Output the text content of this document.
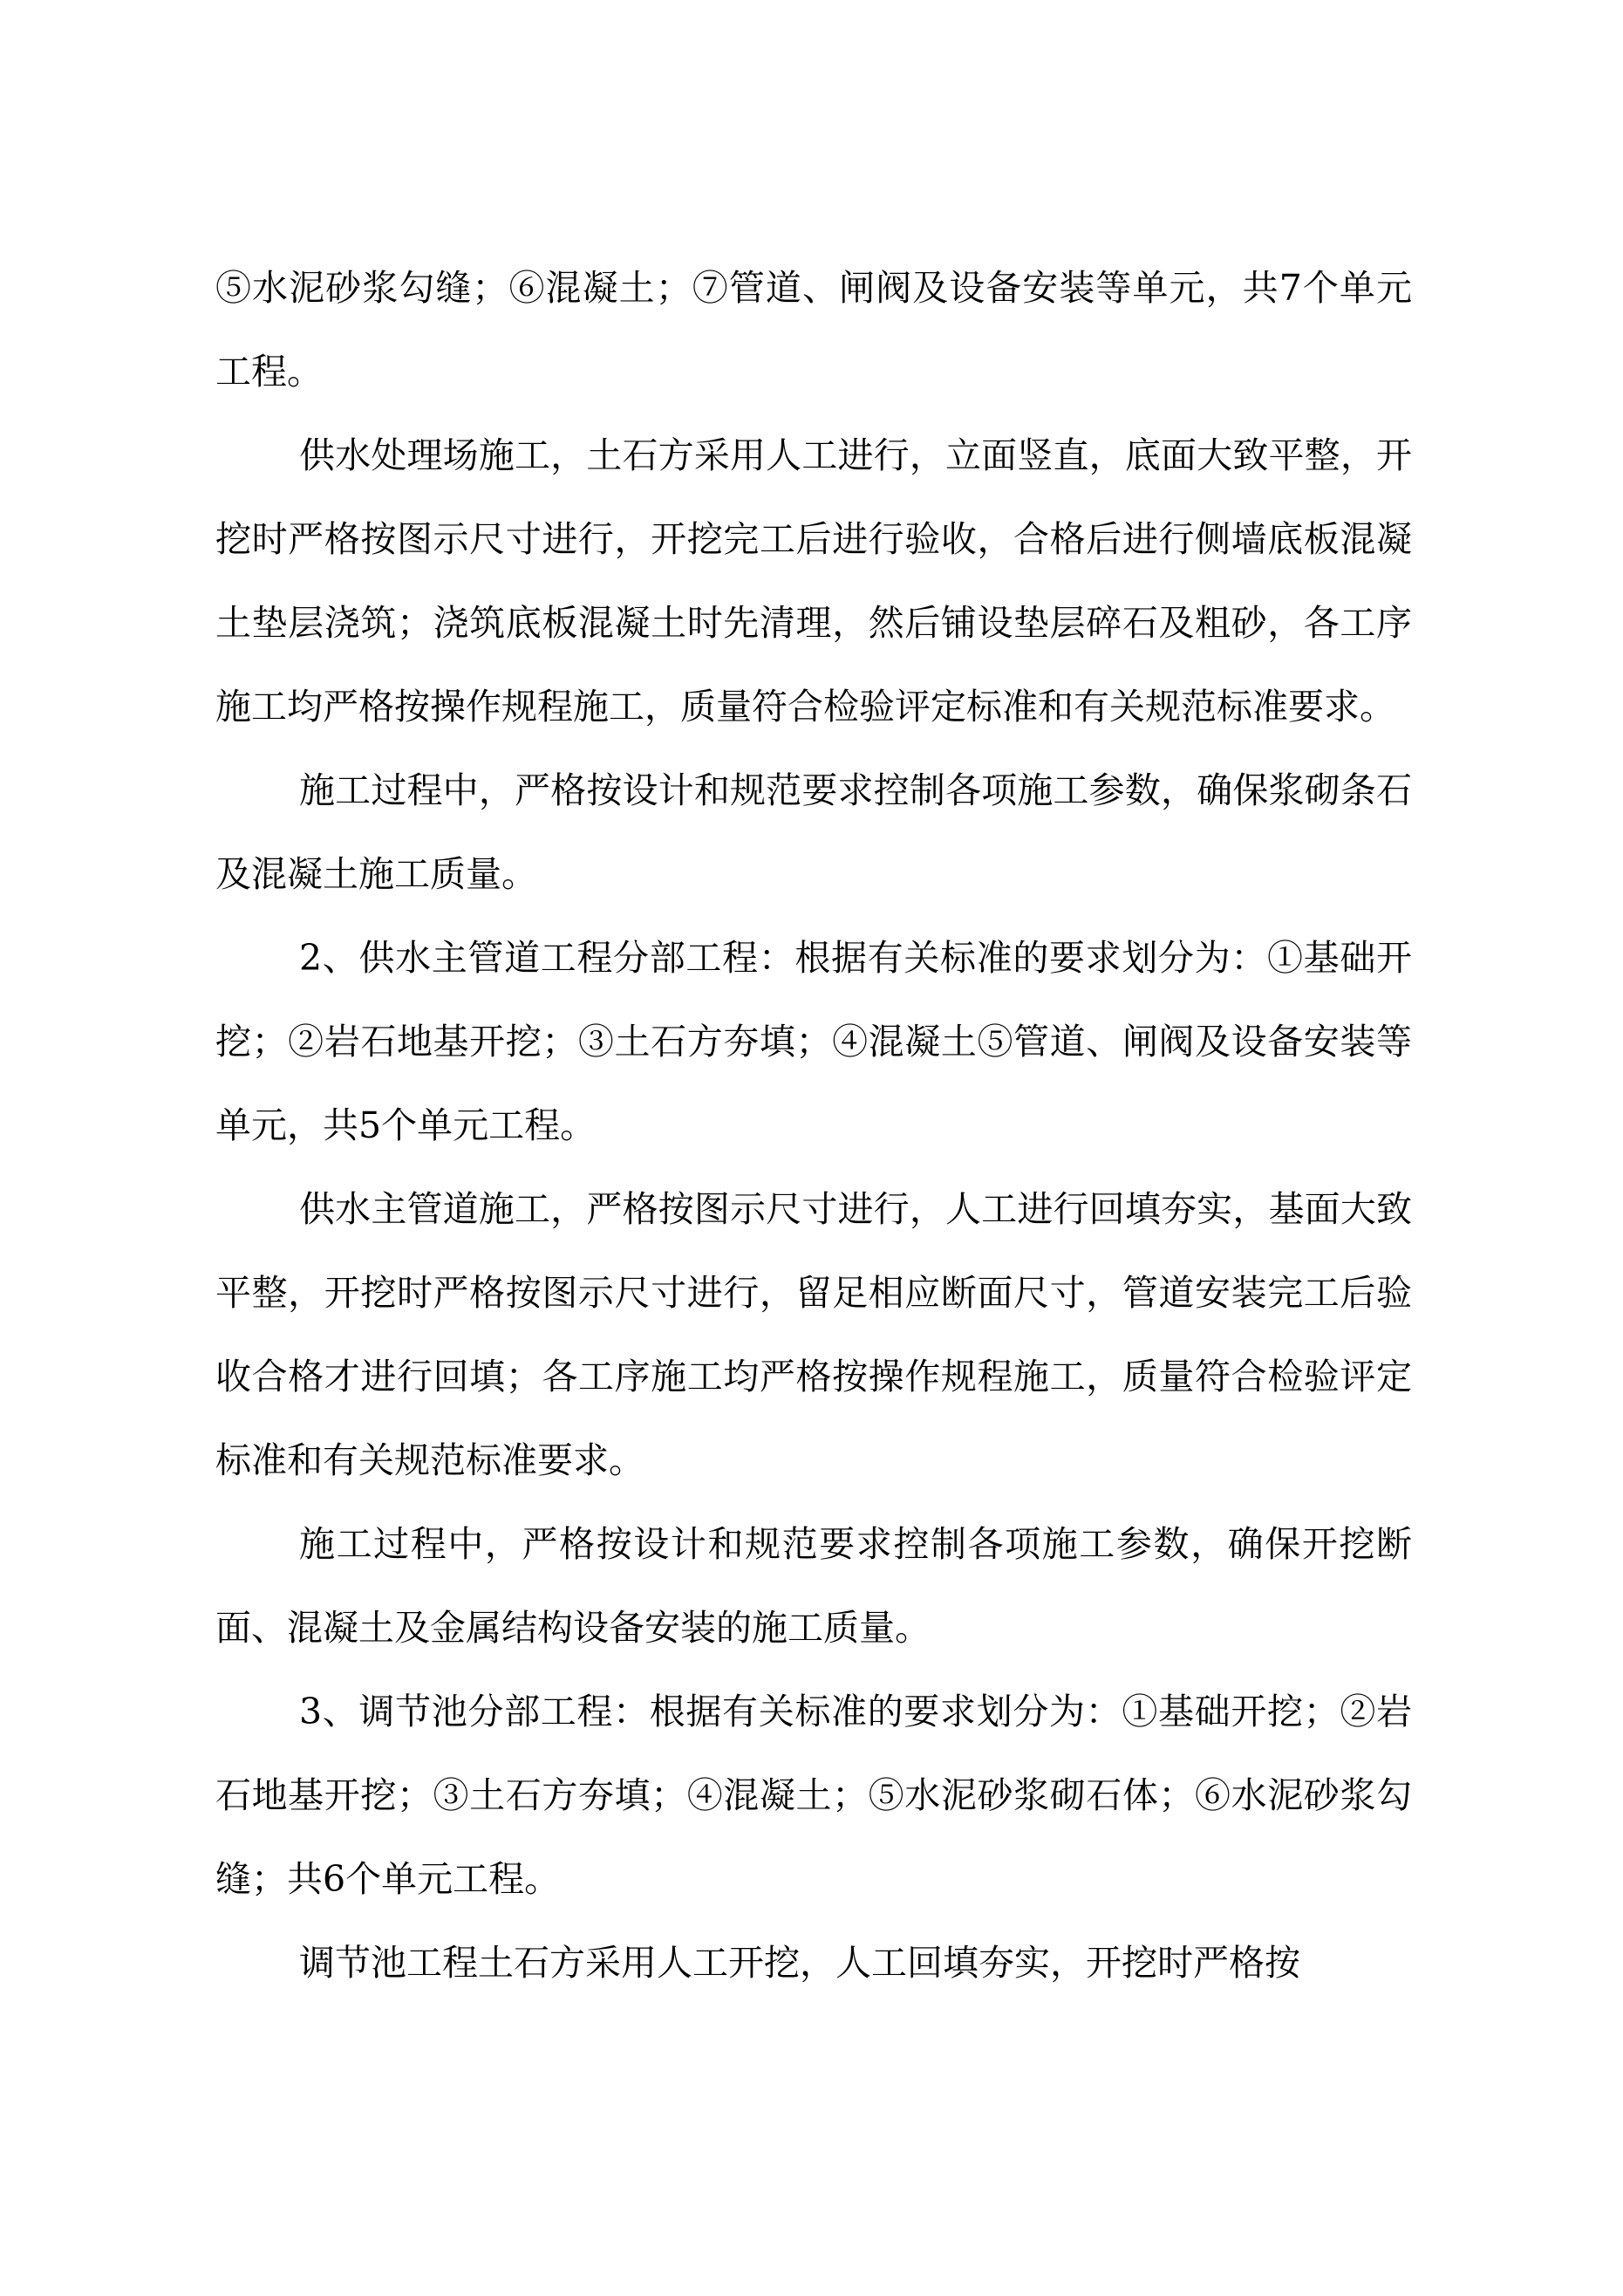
⑤水泥砂浆勾缝；⑥混凝土；⑦管道、闸阀及设备安装等单元，共7个单元工程。

供水处理场施工，土石方采用人工进行，立面竖直，底面大致平整，开挖时严格按图示尺寸进行，开挖完工后进行验收，合格后进行侧墙底板混凝土垫层浇筑；浇筑底板混凝土时先清理，然后铺设垫层碎石及粗砂，各工序施工均严格按操作规程施工，质量符合检验评定标准和有关规范标准要求。

施工过程中，严格按设计和规范要求控制各项施工参数，确保浆砌条石及混凝土施工质量。

2、供水主管道工程分部工程：根据有关标准的要求划分为：①基础开挖；②岩石地基开挖；③土石方夯填；④混凝土⑤管道、闸阀及设备安装等单元，共5个单元工程。

供水主管道施工，严格按图示尺寸进行，人工进行回填夯实，基面大致平整，开挖时严格按图示尺寸进行，留足相应断面尺寸，管道安装完工后验收合格才进行回填；各工序施工均严格按操作规程施工，质量符合检验评定标准和有关规范标准要求。

施工过程中，严格按设计和规范要求控制各项施工参数，确保开挖断面、混凝土及金属结构设备安装的施工质量。

3、调节池分部工程：根据有关标准的要求划分为：①基础开挖；②岩石地基开挖；③土石方夯填；④混凝土；⑤水泥砂浆砌石体；⑥水泥砂浆勾缝；共6个单元工程。

调节池工程土石方采用人工开挖，人工回填夯实，开挖时严格按
